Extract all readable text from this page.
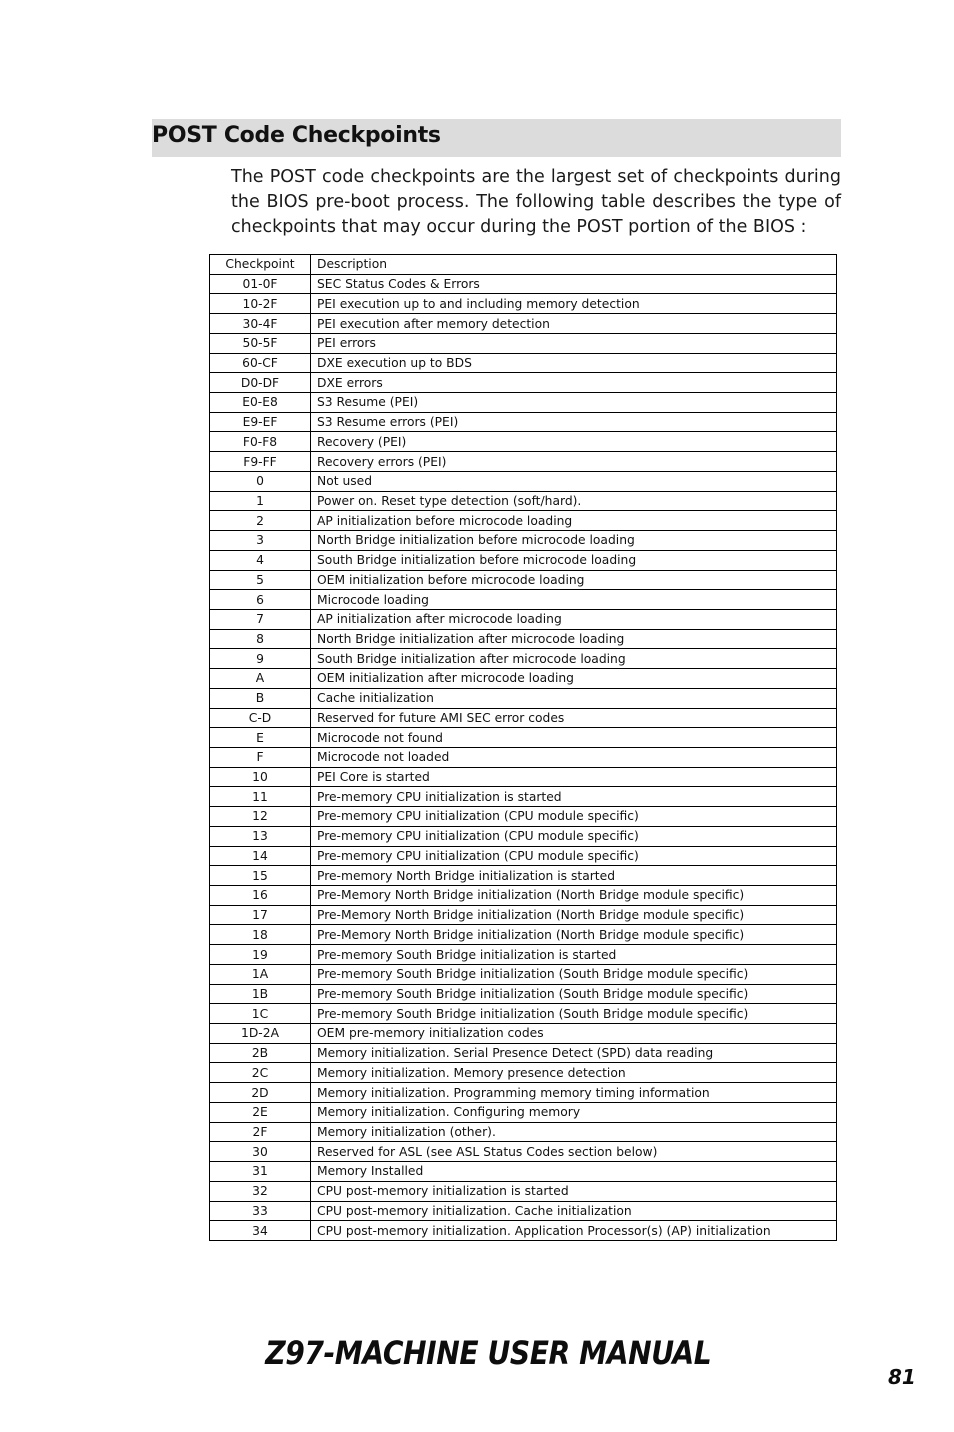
POST Code Checkpoints

The POST code checkpoints are the largest set of checkpoints during the BIOS pre-boot process. The following table describes the type of checkpoints that may occur during the POST portion of the BIOS :

Checkpoint	Description
01-0F	SEC Status Codes & Errors
10-2F	PEI execution up to and including memory detection
30-4F	PEI execution after memory detection
50-5F	PEI errors
60-CF	DXE execution up to BDS
D0-DF	DXE errors
E0-E8	S3 Resume (PEI)
E9-EF	S3 Resume errors (PEI)
F0-F8	Recovery (PEI)
F9-FF	Recovery errors (PEI)
0	Not used
1	Power on. Reset type detection (soft/hard).
2	AP initialization before microcode loading
3	North Bridge initialization before microcode loading
4	South Bridge initialization before microcode loading
5	OEM initialization before microcode loading
6	Microcode loading
7	AP initialization after microcode loading
8	North Bridge initialization after microcode loading
9	South Bridge initialization after microcode loading
A	OEM initialization after microcode loading
B	Cache initialization
C-D	Reserved for future AMI SEC error codes
E	Microcode not found
F	Microcode not loaded
10	PEI Core is started
11	Pre-memory CPU initialization is started
12	Pre-memory CPU initialization (CPU module specific)
13	Pre-memory CPU initialization (CPU module specific)
14	Pre-memory CPU initialization (CPU module specific)
15	Pre-memory North Bridge initialization is started
16	Pre-Memory North Bridge initialization (North Bridge module specific)
17	Pre-Memory North Bridge initialization (North Bridge module specific)
18	Pre-Memory North Bridge initialization (North Bridge module specific)
19	Pre-memory South Bridge initialization is started
1A	Pre-memory South Bridge initialization (South Bridge module specific)
1B	Pre-memory South Bridge initialization (South Bridge module specific)
1C	Pre-memory South Bridge initialization (South Bridge module specific)
1D-2A	OEM pre-memory initialization codes
2B	Memory initialization. Serial Presence Detect (SPD) data reading
2C	Memory initialization. Memory presence detection
2D	Memory initialization. Programming memory timing information
2E	Memory initialization. Configuring memory
2F	Memory initialization (other).
30	Reserved for ASL (see ASL Status Codes section below)
31	Memory Installed
32	CPU post-memory initialization is started
33	CPU post-memory initialization. Cache initialization
34	CPU post-memory initialization. Application Processor(s) (AP) initialization
Z97-MACHINE USER MANUAL
81
